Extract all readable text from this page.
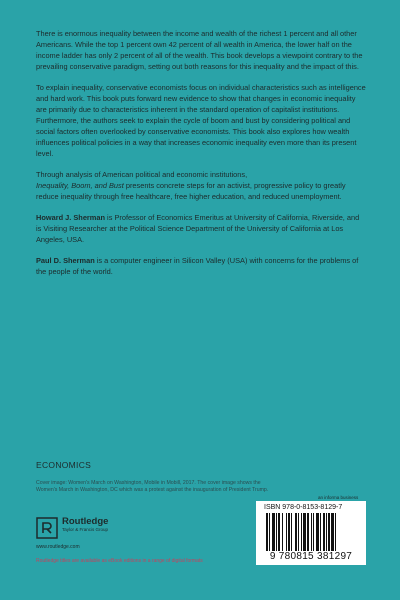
There is enormous inequality between the income and wealth of the richest 1 percent and all other Americans. While the top 1 percent own 42 percent of all wealth in America, the lower half on the income ladder has only 2 percent of all of the wealth. This book develops a viewpoint contrary to the prevailing conservative paradigm, setting out both reasons for this inequality and the impact of this.

To explain inequality, conservative economists focus on individual characteristics such as intelligence and hard work. This book puts forward new evidence to show that changes in economic inequality are primarily due to characteristics inherent in the standard operation of capitalist institutions. Furthermore, the authors seek to explain the cycle of boom and bust by considering political and social factors often overlooked by conservative economists. This book also explores how wealth influences political policies in a way that increases economic inequality even more than its present level.

Through analysis of American political and economic institutions,
Inequality, Boom, and Bust presents concrete steps for an activist, progressive policy to greatly reduce inequality through free healthcare, free higher education, and reduced unemployment.

Howard J. Sherman is Professor of Economics Emeritus at University of California, Riverside, and is Visiting Researcher at the Political Science Department of the University of California at Los Angeles, USA.

Paul D. Sherman is a computer engineer in Silicon Valley (USA) with concerns for the problems of the people of the world.

ECONOMICS
Cover image: Women's March on Washington, Mobile in Mobill, 2017. The cover image shows the Women's March in Washington, DC which was a protest against the inauguration of President Trump.
Routledge
Taylor & Francis Group
www.routledge.com
Routledge titles are available as eBook editions in a range of digital formats
an informa business
ISBN 978-0-8153-8129-7
9 780815 381297
